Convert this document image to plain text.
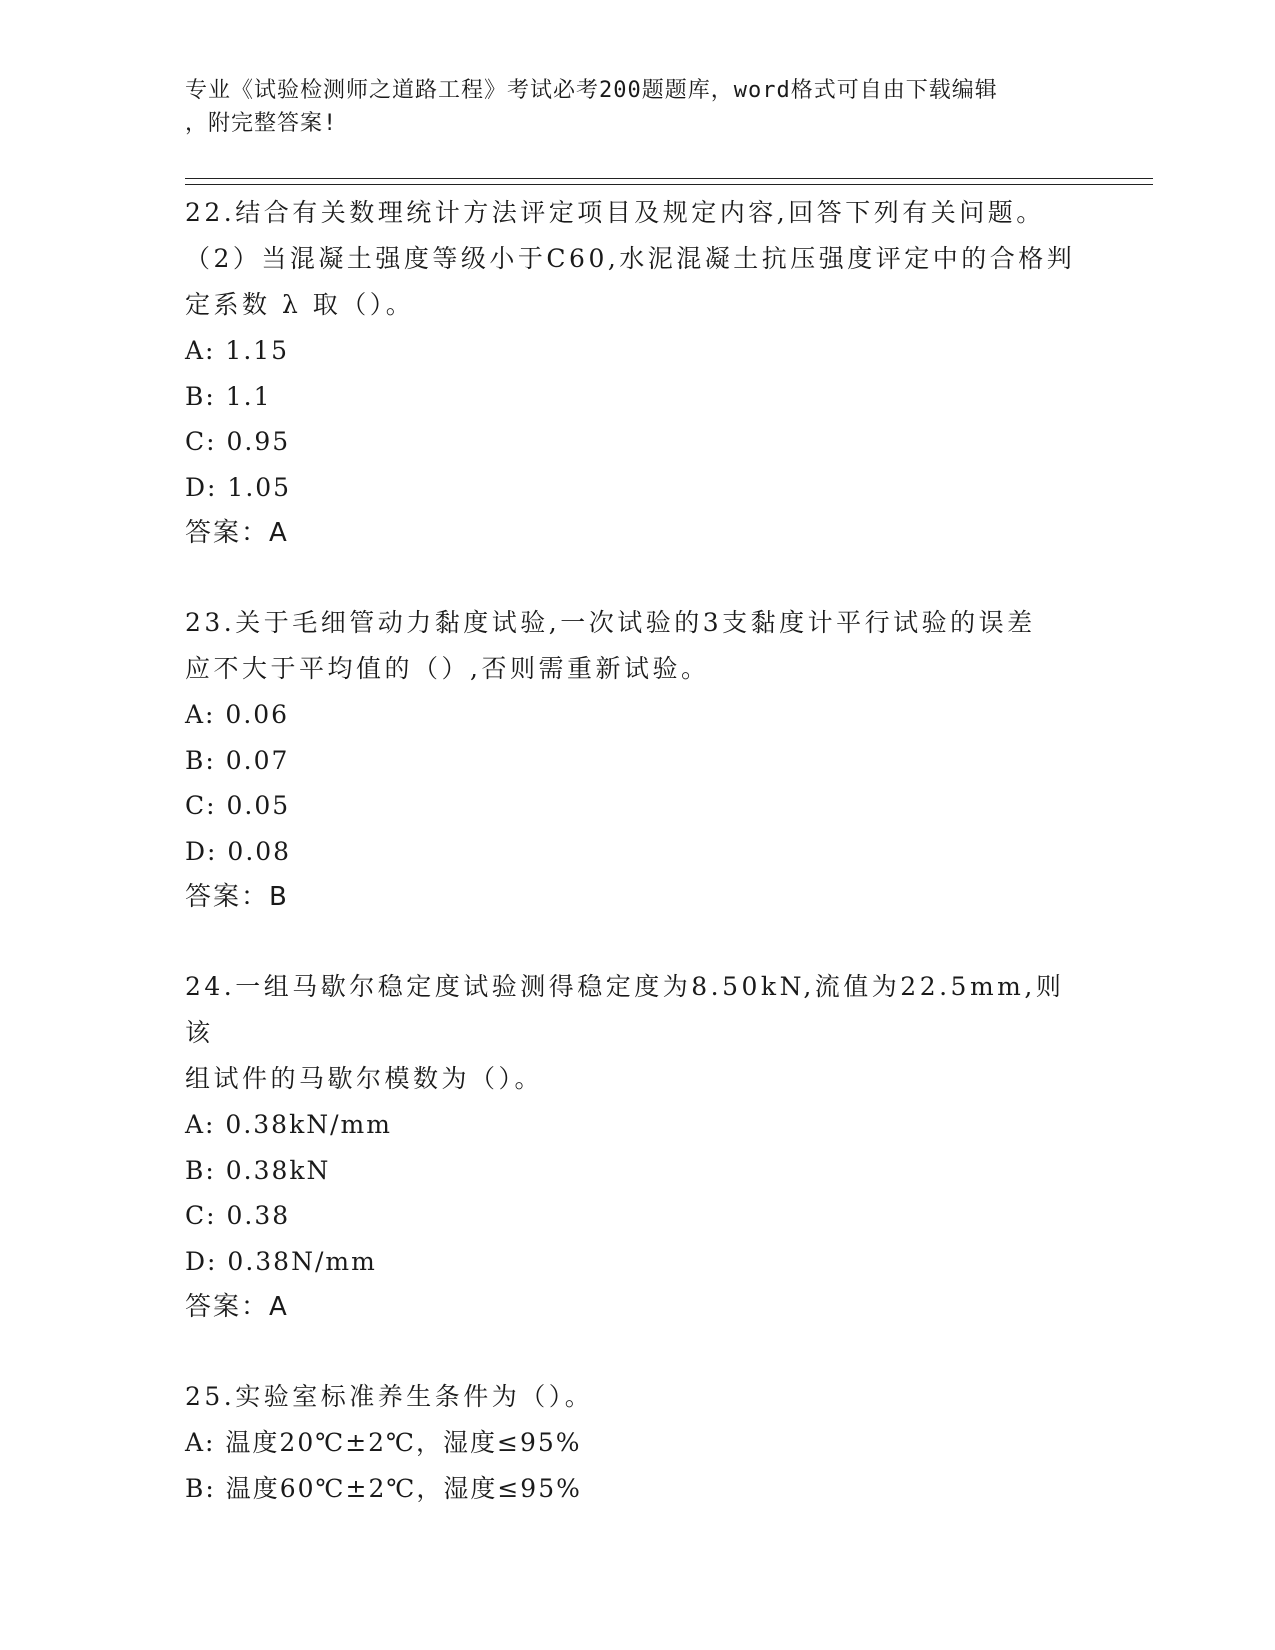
专业《试验检测师之道路工程》考试必考200题题库，word格式可自由下载编辑
，附完整答案!

22.结合有关数理统计方法评定项目及规定内容,回答下列有关问题。

（2）当混凝土强度等级小于C60,水泥混凝土抗压强度评定中的合格判

定系数 λ 取（）。

A: 1.15

B: 1.1

C: 0.95

D: 1.05

答案：A

23.关于毛细管动力黏度试验,一次试验的3支黏度计平行试验的误差

应不大于平均值的（）,否则需重新试验。

A: 0.06

B: 0.07

C: 0.05

D: 0.08

答案：B

24.一组马歇尔稳定度试验测得稳定度为8.50kN,流值为22.5mm,则该

组试件的马歇尔模数为（）。

A: 0.38kN/mm

B: 0.38kN

C: 0.38

D: 0.38N/mm

答案：A

25.实验室标准养生条件为（）。

A: 温度20℃±2℃，湿度≤95%

B: 温度60℃±2℃，湿度≤95%
